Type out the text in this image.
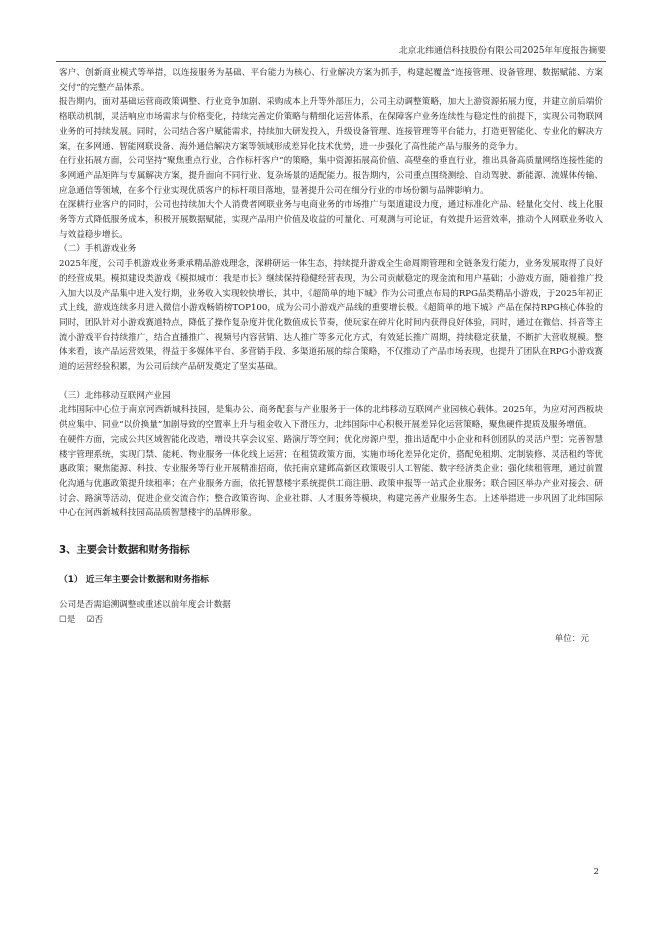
北京北纬通信科技股份有限公司2025年年度报告摘要

客户、创新商业模式等举措，以连接服务为基础、平台能力为核心、行业解决方案为抓手，构建起覆盖“连接管理、设备管理、数据赋能、方案交付”的完整产品体系。

报告期内，面对基础运营商政策调整、行业竞争加剧、采购成本上升等外部压力，公司主动调整策略，加大上游资源拓展力度，并建立前后端价格联动机制，灵活响应市场需求与价格变化，持续完善定价策略与精细化运营体系，在保障客户业务连续性与稳定性的前提下，实现公司物联网业务的可持续发展。同时，公司结合客户赋能需求，持续加大研发投入，升级设备管理、连接管理等平台能力，打造更智能化、专业化的解决方案，在多网通、智能网联设备、海外通信解决方案等领域形成差异化技术优势，进一步强化了高性能产品与服务的竞争力。

在行业拓展方面，公司坚持“聚焦重点行业，合作标杆客户”的策略，集中资源拓展高价值、高壁垒的垂直行业，推出具备高质量网络连接性能的多网通产品矩阵与专属解决方案，提升面向不同行业、复杂场景的适配能力。报告期内，公司重点围绕测绘、自动驾驶、新能源、流媒体传输、应急通信等领域，在多个行业实现优质客户的标杆项目落地，显著提升公司在细分行业的市场份额与品牌影响力。

在深耕行业客户的同时，公司也持续加大个人消费者网联业务与电商业务的市场推广与渠道建设力度，通过标准化产品、轻量化交付、线上化服务等方式降低服务成本，积极开展数据赋能，实现产品用户价值及收益的可量化、可观测与可论证，有效提升运营效率，推动个人网联业务收入与效益稳步增长。

（二）手机游戏业务

2025年度，公司手机游戏业务秉承精品游戏理念，深耕研运一体生态，持续提升游戏全生命周期管理和全链条发行能力，业务发展取得了良好的经营成果。模拟建设类游戏《模拟城市：我是市长》继续保持稳健经营表现，为公司贡献稳定的现金流和用户基础；小游戏方面，随着推广投入加大以及产品集中进入发行期，业务收入实现较快增长，其中，《超简单的地下城》作为公司重点布局的RPG品类精品小游戏，于2025年初正式上线，游戏连续多月进入微信小游戏畅销榜TOP100，成为公司小游戏产品线的重要增长极。《超简单的地下城》产品在保持RPG核心体验的同时，团队针对小游戏赛道特点，降低了操作复杂度并优化数值成长节奏，使玩家在碎片化时间内获得良好体验，同时，通过在微信、抖音等主流小游戏平台持续推广，结合直播推广、视频号内容营销、达人推广等多元化方式，有效延长推广周期，持续稳定获量，不断扩大营收规模。整体来看，该产品运营效果，得益于多媒体平台、多营销手段、多渠道拓展的综合策略，不仅推动了产品市场表现，也提升了团队在RPG小游戏赛道的运营经验积累，为公司后续产品研发奠定了坚实基础。

（三）北纬移动互联网产业园

北纬国际中心位于南京河西新城科技园，是集办公、商务配套与产业服务于一体的北纬移动互联网产业园核心载体。2025年，为应对河西板块供应集中、同业“以价换量”加剧导致的空置率上升与租金收入下滑压力，北纬国际中心积极开展差异化运营策略，聚焦硬件提质及服务增值。

在硬件方面，完成公共区域智能化改造，增设共享会议室、路演厅等空间；优化房源户型，推出适配中小企业和科创团队的灵活户型；完善智慧楼宇管理系统，实现门禁、能耗、物业服务一体化线上运营；在租赁政策方面，实施市场化差异化定价，搭配免租期、定制装修、灵活租约等优惠政策；聚焦能源、科技、专业服务等行业开展精准招商，依托南京建邺高新区政策吸引人工智能、数字经济类企业；强化续租管理，通过前置化沟通与优惠政策提升续租率；在产业服务方面，依托智慧楼宇系统提供工商注册、政策申报等一站式企业服务；联合园区举办产业对接会、研讨会、路演等活动，促进企业交流合作；整合政策咨询、企业社群、人才服务等模块，构建完善产业服务生态。上述举措进一步巩固了北纬国际中心在河西新城科技园高品质智慧楼宇的品牌形象。

3、主要会计数据和财务指标
（1） 近三年主要会计数据和财务指标
公司是否需追溯调整或重述以前年度会计数据
☐是 ☑否
单位：元
2
